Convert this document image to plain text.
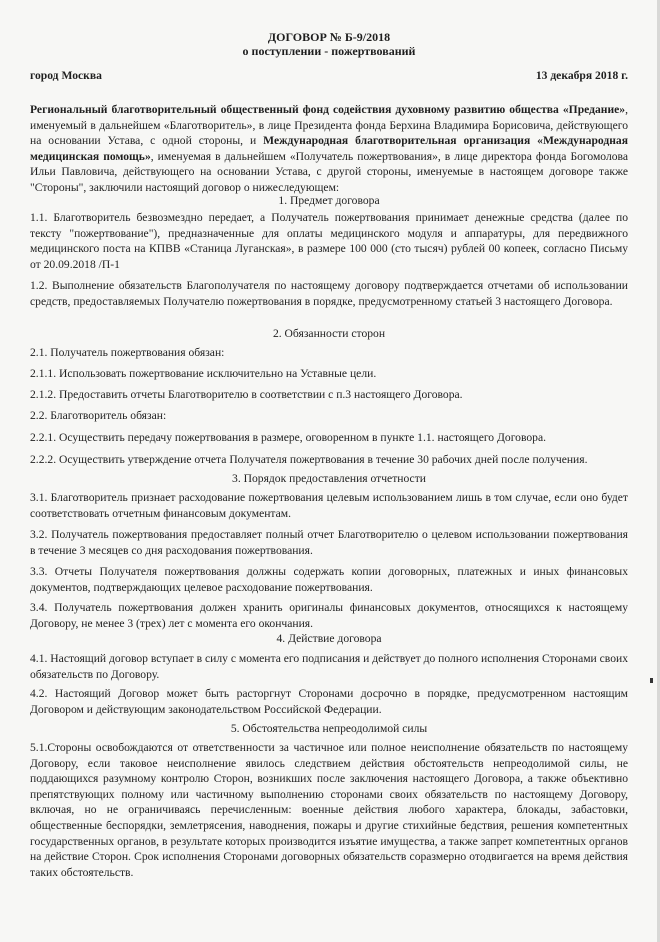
ДОГОВОР № Б-9/2018
о поступлении - пожертвований
город Москва	13 декабря 2018 г.
Региональный благотворительный общественный фонд содействия духовному развитию общества «Предание», именуемый в дальнейшем «Благотворитель», в лице Президента фонда Берхина Владимира Борисовича, действующего на основании Устава, с одной стороны, и Международная благотворительная организация «Международная медицинская помощь», именуемая в дальнейшем «Получатель пожертвования», в лице директора фонда Богомолова Ильи Павловича, действующего на основании Устава, с другой стороны, именуемые в настоящем договоре также "Стороны", заключили настоящий договор о нижеследующем:
1. Предмет договора
1.1. Благотворитель безвозмездно передает, а Получатель пожертвования принимает денежные средства (далее по тексту "пожертвование"), предназначенные для оплаты медицинского модуля и аппаратуры, для передвижного медицинского поста на КПВВ «Станица Луганская», в размере 100 000 (сто тысяч) рублей 00 копеек, согласно Письму от 20.09.2018 /П-1
1.2. Выполнение обязательств Благополучателя по настоящему договору подтверждается отчетами об использовании средств, предоставляемых Получателю пожертвования в порядке, предусмотренному статьей 3 настоящего Договора.
2. Обязанности сторон
2.1. Получатель пожертвования обязан:
2.1.1. Использовать пожертвование исключительно на Уставные цели.
2.1.2. Предоставить отчеты Благотворителю в соответствии с п.3 настоящего Договора.
2.2. Благотворитель обязан:
2.2.1. Осуществить передачу пожертвования в размере, оговоренном в пункте 1.1. настоящего Договора.
2.2.2. Осуществить утверждение отчета Получателя пожертвования в течение 30 рабочих дней после получения.
3. Порядок предоставления отчетности
3.1. Благотворитель признает расходование пожертвования целевым использованием лишь в том случае, если оно будет соответствовать отчетным финансовым документам.
3.2. Получатель пожертвования предоставляет полный отчет Благотворителю о целевом использовании пожертвования в течение 3 месяцев со дня расходования пожертвования.
3.3. Отчеты Получателя пожертвования должны содержать копии договорных, платежных и иных финансовых документов, подтверждающих целевое расходование пожертвования.
3.4. Получатель пожертвования должен хранить оригиналы финансовых документов, относящихся к настоящему Договору, не менее 3 (трех) лет с момента его окончания.
4. Действие договора
4.1. Настоящий договор вступает в силу с момента его подписания и действует до полного исполнения Сторонами своих обязательств по Договору.
4.2. Настоящий Договор может быть расторгнут Сторонами досрочно в порядке, предусмотренном настоящим Договором и действующим законодательством Российской Федерации.
5. Обстоятельства непреодолимой силы
5.1.Стороны освобождаются от ответственности за частичное или полное неисполнение обязательств по настоящему Договору, если таковое неисполнение явилось следствием действия обстоятельств непреодолимой силы, не поддающихся разумному контролю Сторон, возникших после заключения настоящего Договора, а также объективно препятствующих полному или частичному выполнению сторонами своих обязательств по настоящему Договору, включая, но не ограничиваясь перечисленным: военные действия любого характера, блокады, забастовки, общественные беспорядки, землетрясения, наводнения, пожары и другие стихийные бедствия, решения компетентных государственных органов, в результате которых производится изъятие имущества, а также запрет компетентных органов на действие Сторон. Срок исполнения Сторонами договорных обязательств соразмерно отодвигается на время действия таких обстоятельств.
